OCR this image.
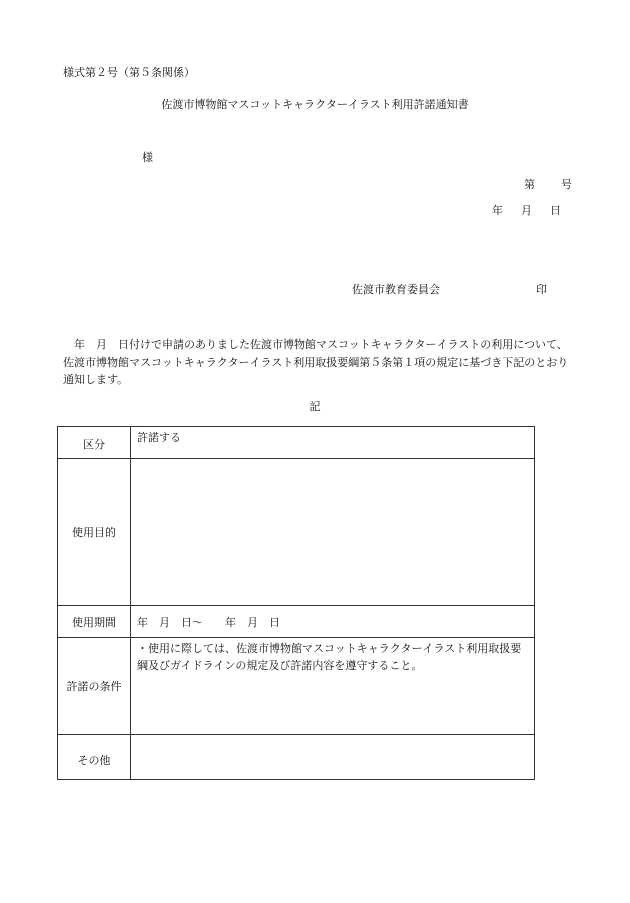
様式第２号（第５条関係）
佐渡市博物館マスコットキャラクターイラスト利用許諾通知書
様
第 号
年 月 日
佐渡市教育委員会	印
年　月　日付けで申請のありました佐渡市博物館マスコットキャラクターイラストの利用について、佐渡市博物館マスコットキャラクターイラスト利用取扱要綱第５条第１項の規定に基づき下記のとおり通知します。
記
区分	許諾する
使用目的	
使用期間	年　月　日～　　年　月　日
許諾の条件	・使用に際しては、佐渡市博物館マスコットキャラクターイラスト利用取扱要綱及びガイドラインの規定及び許諾内容を遵守すること。
その他	
